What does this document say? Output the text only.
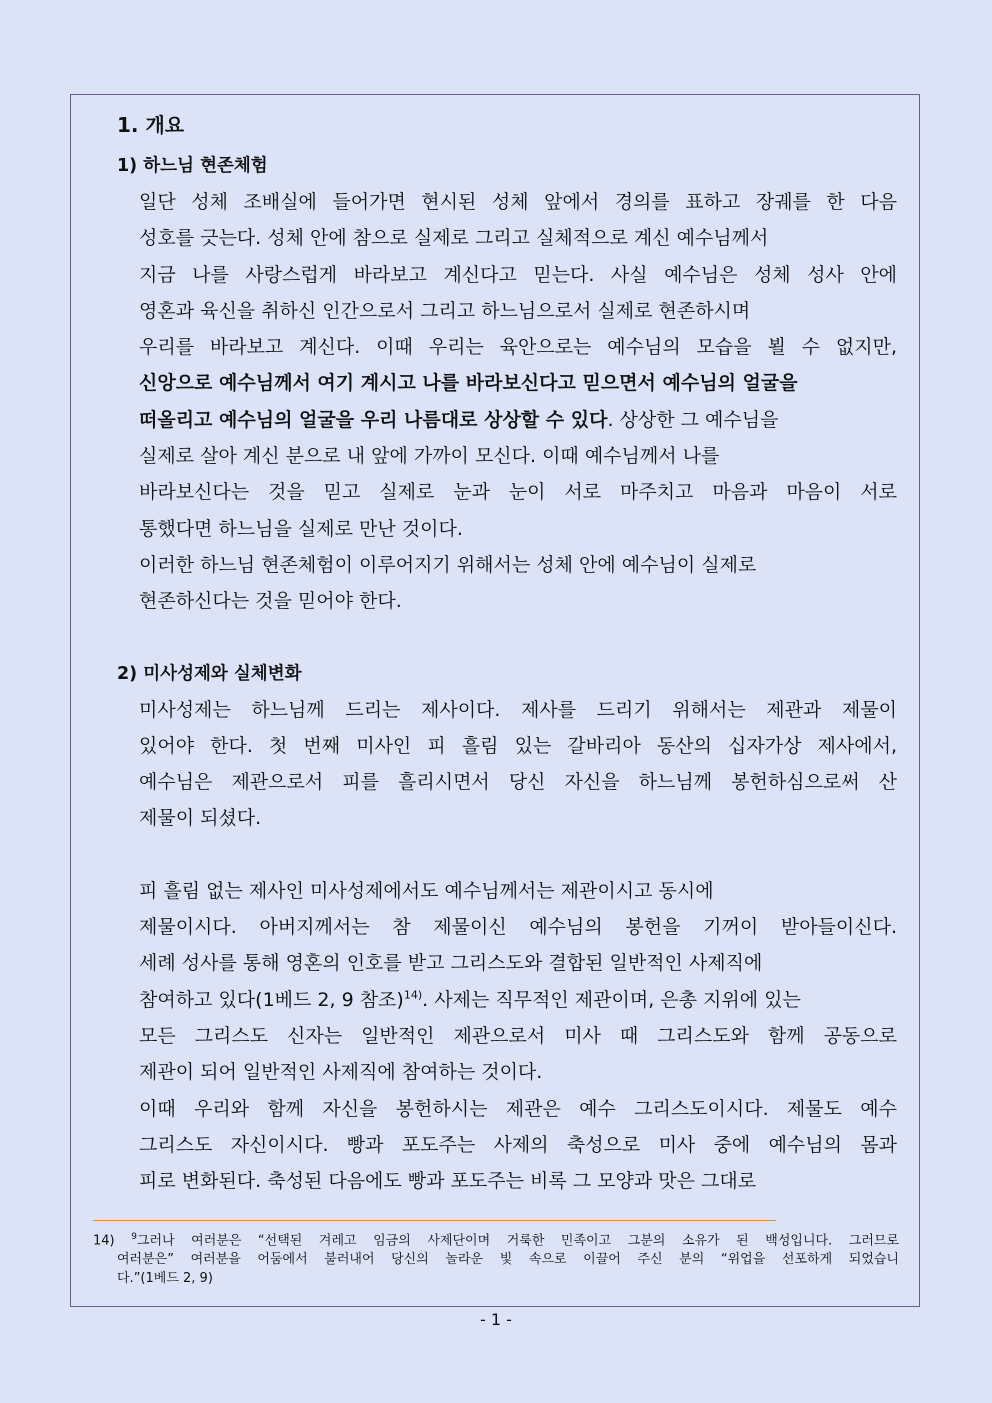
1. 개요
1) 하느님 현존체험
일단 성체 조배실에 들어가면 현시된 성체 앞에서 경의를 표하고 장궤를 한 다음
성호를 긋는다. 성체 안에 참으로 실제로 그리고 실체적으로 계신 예수님께서
지금 나를 사랑스럽게 바라보고 계신다고 믿는다. 사실 예수님은 성체 성사 안에
영혼과 육신을 취하신 인간으로서 그리고 하느님으로서 실제로 현존하시며
우리를 바라보고 계신다. 이때 우리는 육안으로는 예수님의 모습을 뵐 수 없지만,
신앙으로 예수님께서 여기 계시고 나를 바라보신다고 믿으면서 예수님의 얼굴을
떠올리고 예수님의 얼굴을 우리 나름대로 상상할 수 있다. 상상한 그 예수님을
실제로 살아 계신 분으로 내 앞에 가까이 모신다. 이때 예수님께서 나를
바라보신다는 것을 믿고 실제로 눈과 눈이 서로 마주치고 마음과 마음이 서로
통했다면 하느님을 실제로 만난 것이다.
이러한 하느님 현존체험이 이루어지기 위해서는 성체 안에 예수님이 실제로
현존하신다는 것을 믿어야 한다.
2) 미사성제와 실체변화
미사성제는 하느님께 드리는 제사이다. 제사를 드리기 위해서는 제관과 제물이
있어야 한다. 첫 번째 미사인 피 흘림 있는 갈바리아 동산의 십자가상 제사에서,
예수님은 제관으로서 피를 흘리시면서 당신 자신을 하느님께 봉헌하심으로써 산
제물이 되셨다.
피 흘림 없는 제사인 미사성제에서도 예수님께서는 제관이시고 동시에
제물이시다. 아버지께서는 참 제물이신 예수님의 봉헌을 기꺼이 받아들이신다.
세례 성사를 통해 영혼의 인호를 받고 그리스도와 결합된 일반적인 사제직에
참여하고 있다(1베드 2, 9 참조)$^{14)}$. 사제는 직무적인 제관이며, 은총 지위에 있는
모든 그리스도 신자는 일반적인 제관으로서 미사 때 그리스도와 함께 공동으로
제관이 되어 일반적인 사제직에 참여하는 것이다.
이때 우리와 함께 자신을 봉헌하시는 제관은 예수 그리스도이시다. 제물도 예수
그리스도 자신이시다. 빵과 포도주는 사제의 축성으로 미사 중에 예수님의 몸과
피로 변화된다. 축성된 다음에도 빵과 포도주는 비록 그 모양과 맛은 그대로
14) $^9$그러나 여러분은 “선택된 겨레고 임금의 사제단이며 거룩한 민족이고 그분의 소유가 된 백성입니다. 그러므로
여러분은” 여러분을 어둠에서 불러내어 당신의 놀라운 빛 속으로 이끌어 주신 분의 “위업을 선포하게 되었습니
다.”(1베드 2, 9)
- 1 -
